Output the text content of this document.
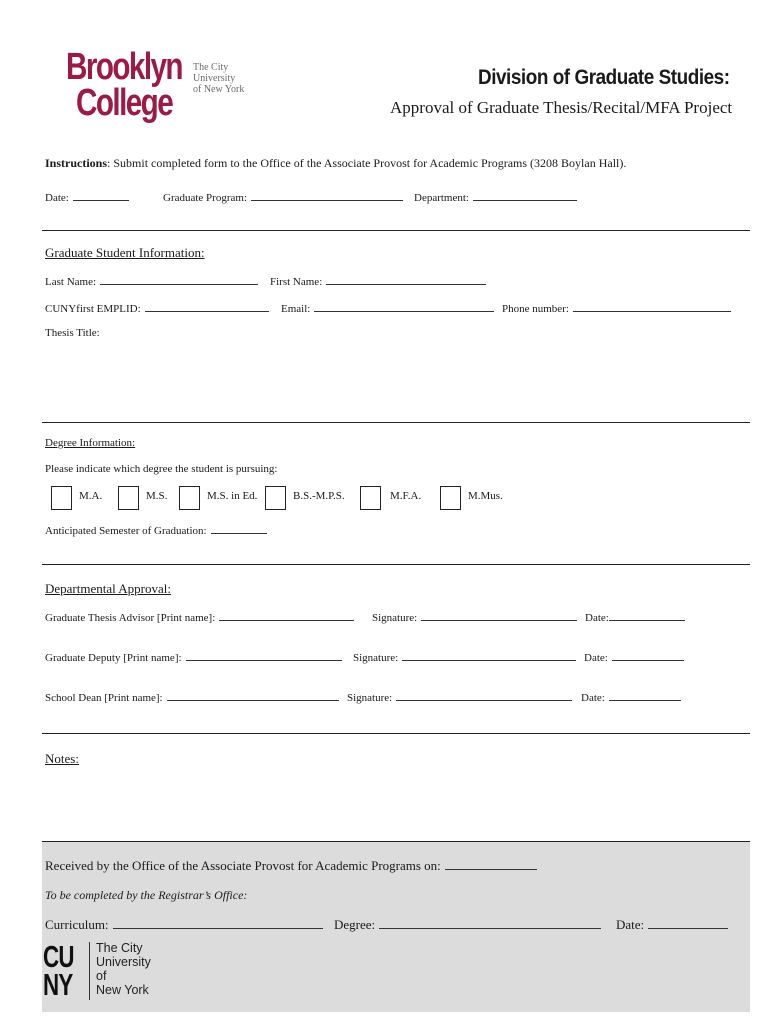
Brooklyn
College
The City
University
of New York
Division of Graduate Studies:
Approval of Graduate Thesis/Recital/MFA Project
Instructions: Submit completed form to the Office of the Associate Provost for Academic Programs (3208 Boylan Hall).
Date:	Graduate Program:	Department:
Graduate Student Information:
Last Name:	First Name:
CUNYfirst EMPLID:	Email:	Phone number:
Thesis Title:
Degree Information:
Please indicate which degree the student is pursuing:
M.A.	M.S.	M.S. in Ed.	B.S.-M.P.S.	M.F.A.	M.Mus.
Anticipated Semester of Graduation:
Departmental Approval:
Graduate Thesis Advisor [Print name]:	Signature:	Date:
Graduate Deputy [Print name]:	Signature:	Date:
School Dean [Print name]:	Signature:	Date:
Notes:
Received by the Office of the Associate Provost for Academic Programs on:
To be completed by the Registrar’s Office:
Curriculum:	Degree:	Date:
CU
NY
The City
University
of
New York
